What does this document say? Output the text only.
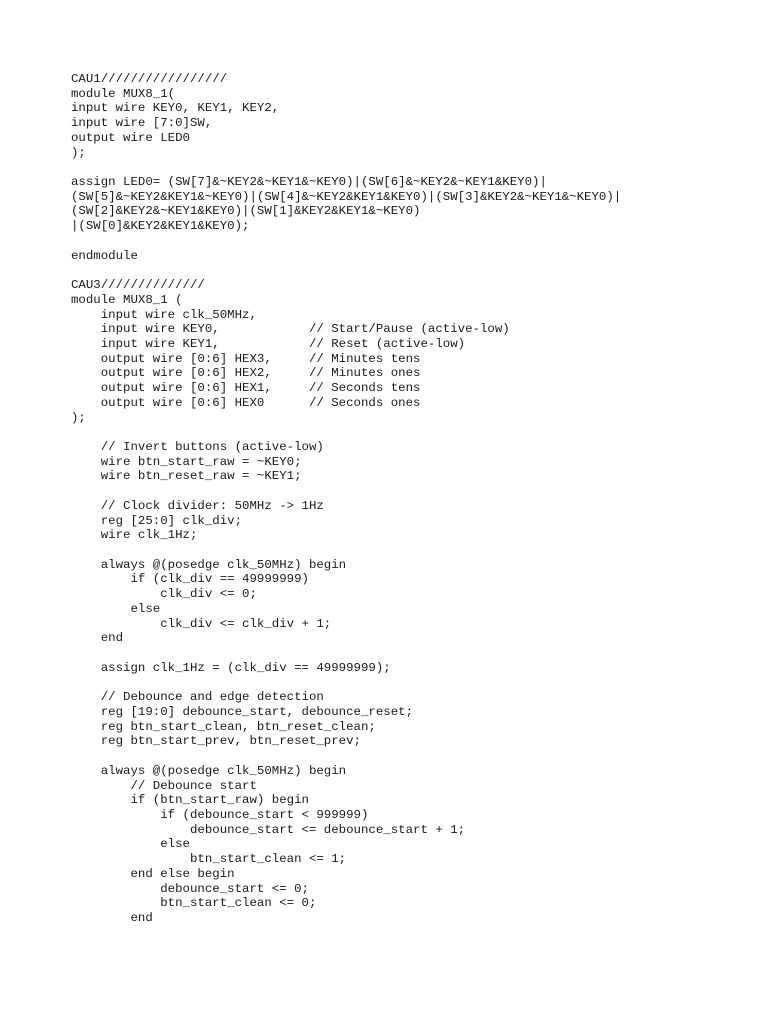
CAU1/////////////////
module MUX8_1(
input wire KEY0, KEY1, KEY2,
input wire [7:0]SW,
output wire LED0
);
assign LED0= (SW[7]&~KEY2&~KEY1&~KEY0)|(SW[6]&~KEY2&~KEY1&KEY0)|
(SW[5]&~KEY2&KEY1&~KEY0)|(SW[4]&~KEY2&KEY1&KEY0)|(SW[3]&KEY2&~KEY1&~KEY0)|
(SW[2]&KEY2&~KEY1&KEY0)|(SW[1]&KEY2&KEY1&~KEY0)
|(SW[0]&KEY2&KEY1&KEY0);
endmodule
CAU3//////////////
module MUX8_1 (
input wire clk_50MHz,
input wire KEY0,            // Start/Pause (active-low)
input wire KEY1,            // Reset (active-low)
output wire [0:6] HEX3,     // Minutes tens
output wire [0:6] HEX2,     // Minutes ones
output wire [0:6] HEX1,     // Seconds tens
output wire [0:6] HEX0      // Seconds ones
);
// Invert buttons (active-low)
wire btn_start_raw = ~KEY0;
wire btn_reset_raw = ~KEY1;
// Clock divider: 50MHz -> 1Hz
reg [25:0] clk_div;
wire clk_1Hz;
always @(posedge clk_50MHz) begin
if (clk_div == 49999999)
clk_div <= 0;
else
clk_div <= clk_div + 1;
end
assign clk_1Hz = (clk_div == 49999999);
// Debounce and edge detection
reg [19:0] debounce_start, debounce_reset;
reg btn_start_clean, btn_reset_clean;
reg btn_start_prev, btn_reset_prev;
always @(posedge clk_50MHz) begin
// Debounce start
if (btn_start_raw) begin
if (debounce_start < 999999)
debounce_start <= debounce_start + 1;
else
btn_start_clean <= 1;
end else begin
debounce_start <= 0;
btn_start_clean <= 0;
end
